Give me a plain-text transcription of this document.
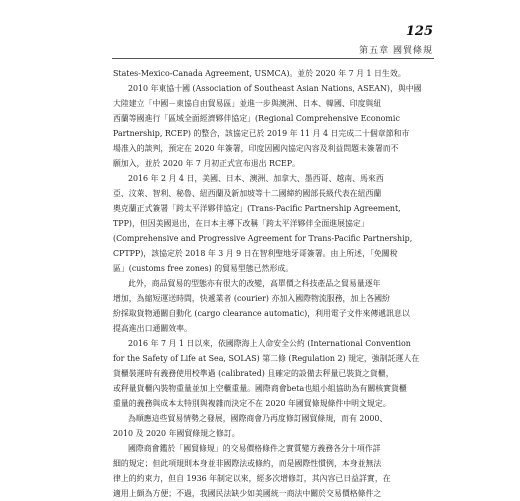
125
第五章 國貿條規

States-Mexico-Canada Agreement, USMCA)。並於 2020 年 7 月 1 日生效。

2010 年東協十國 (Association of Southeast Asian Nations, ASEAN)，與中國
大陸建立「中國－東協自由貿易區」並進一步與澳洲、日本、韓國、印度與紐
西蘭等國進行「區域全面經濟夥伴協定」(Regional Comprehensive Economic
Partnership, RCEP) 的整合，該協定已於 2019 年 11 月 4 日完成二十個章節和市
場准入的談判，預定在 2020 年簽署，印度因國內協定內容及利益問題未簽署而不
願加入，並於 2020 年 7 月初正式宣布退出 RCEP。

2016 年 2 月 4 日，美國、日本、澳洲、加拿大、墨西哥、越南、馬來西
亞、汶萊、智利、秘魯、紐西蘭及新加坡等十二國締約國部長級代表在紐西蘭
奧克蘭正式簽署「跨太平洋夥伴協定」(Trans-Pacific Partnership Agreement,
TPP)，但因美國退出，在日本主導下改稱「跨太平洋夥伴全面進展協定」
(Comprehensive and Progressive Agreement for Trans-Pacific Partnership,
CPTPP)，該協定於 2018 年 3 月 9 日在智利聖地牙哥簽署。由上所述，「免關稅
區」(customs free zones) 的貿易型態已然形成。

此外，商品貿易的型態亦有很大的改變，高單價之科技產品之貿易量逐年
增加，為縮短運送時間，快遞業者 (courier) 亦加入國際物流服務，加上各國紛
紛採取貨物通關自動化 (cargo clearance automatic)，利用電子文件來傳遞訊息以
提高進出口通關效率。

2016 年 7 月 1 日以來，依國際海上人命安全公約 (International Convention
for the Safety of Life at Sea, SOLAS) 第二條 (Regulation 2) 規定，強制託運人在
貨櫃裝運時有義務使用校準過 (calibrated) 且確定的設備去秤量已裝貨之貨櫃，
或秤量貨櫃內裝物重量並加上空櫃重量。國際商會beta也組小組協助為有關核實貨櫃
重量的義務與成本太特別與複雜而決定不在 2020 年國貿條規條件中明文規定。

為順應這些貿易情勢之發展，國際商會乃再度修訂國貿條規，而有 2000、
2010 及 2020 年國貿條規之修訂。

國際商會鑑於「國貿條規」的交易價格條件之實質變方義務各分十項作詳
細的規定；但此項規則本身並非國際法或條約，而是國際性慣例，本身並無法
律上的約束力，但自 1936 年制定以來，經多次增修訂，其內容已日益詳實，在
適用上頗為方便；不過，我國民法缺少如美國統一商法中關於交易價格條件之
